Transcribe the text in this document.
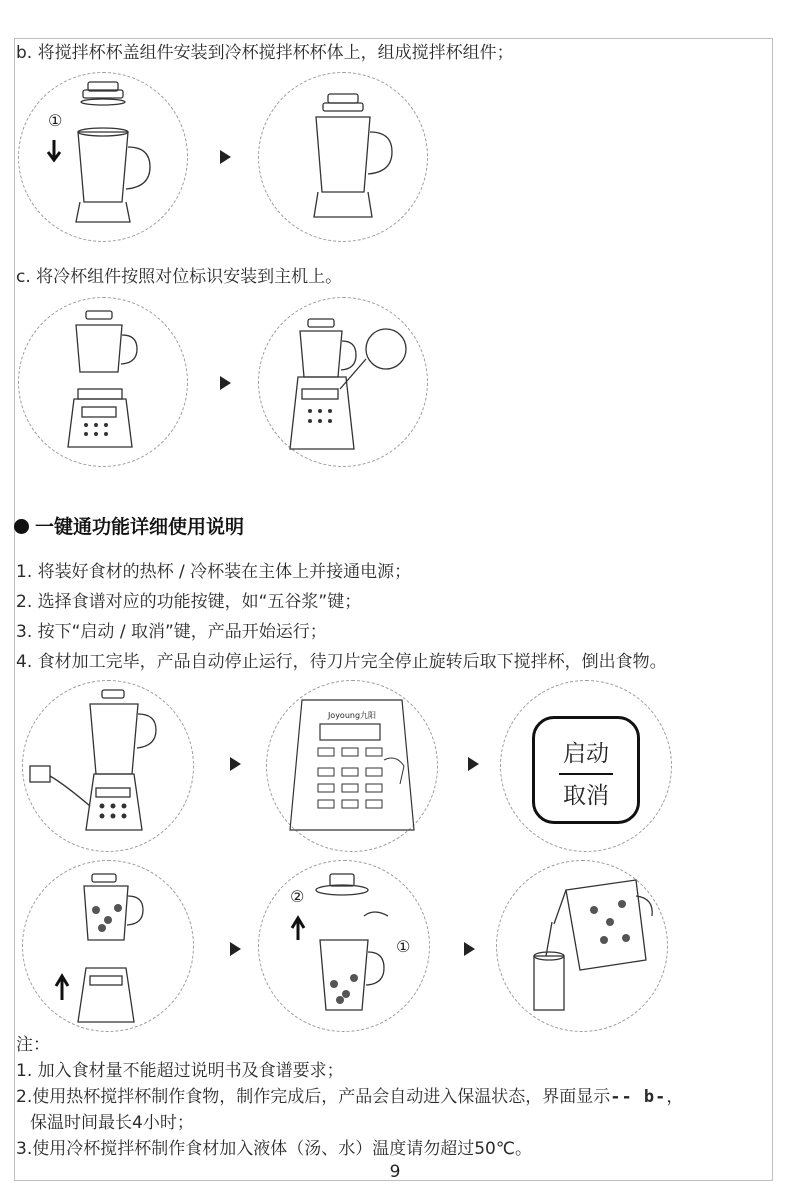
b. 将搅拌杯杯盖组件安装到冷杯搅拌杯杯体上，组成搅拌杯组件；
①
c. 将冷杯组件按照对位标识安装到主机上。
一键通功能详细使用说明
1. 将装好食材的热杯 / 冷杯装在主体上并接通电源；
2. 选择食谱对应的功能按键，如“五谷浆”键；
3. 按下“启动 / 取消”键，产品开始运行；
4. 食材加工完毕，产品自动停止运行，待刀片完全停止旋转后取下搅拌杯，倒出食物。
Joyoung九阳
启动
取消
②
①
注：
1. 加入食材量不能超过说明书及食谱要求；
2.使用热杯搅拌杯制作食物，制作完成后，产品会自动进入保温状态，界面显示-- b-，
保温时间最长4小时；
3.使用冷杯搅拌杯制作食材加入液体（汤、水）温度请勿超过50℃。
9
